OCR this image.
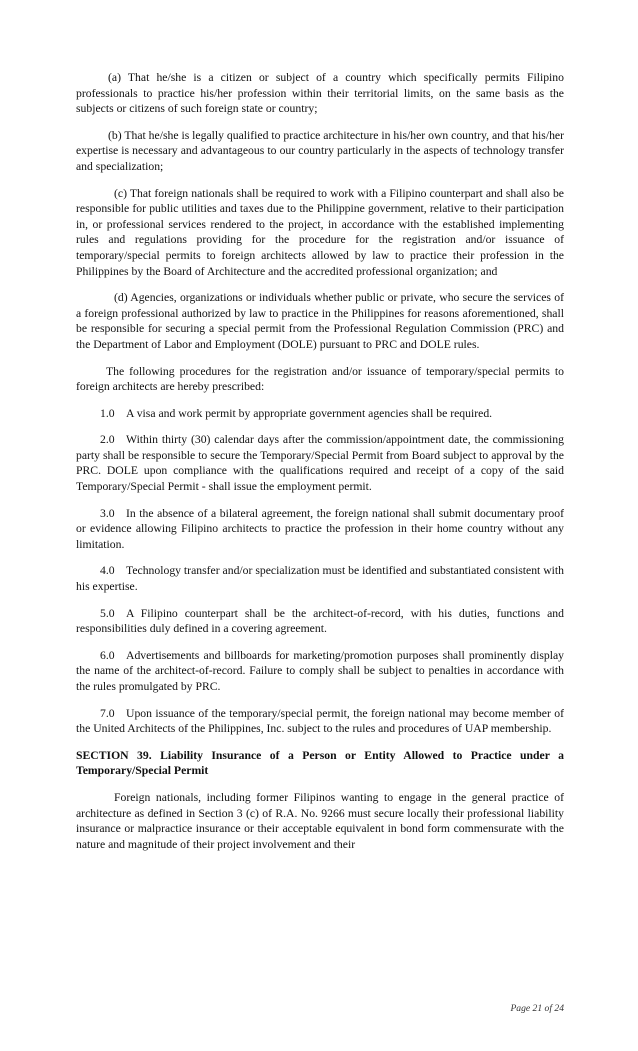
(a) That he/she is a citizen or subject of a country which specifically permits Filipino professionals to practice his/her profession within their territorial limits, on the same basis as the subjects or citizens of such foreign state or country;

(b) That he/she is legally qualified to practice architecture in his/her own country, and that his/her expertise is necessary and advantageous to our country particularly in the aspects of technology transfer and specialization;

(c) That foreign nationals shall be required to work with a Filipino counterpart and shall also be responsible for public utilities and taxes due to the Philippine government, relative to their participation in, or professional services rendered to the project, in accordance with the established implementing rules and regulations providing for the procedure for the registration and/or issuance of temporary/special permits to foreign architects allowed by law to practice their profession in the Philippines by the Board of Architecture and the accredited professional organization; and

(d) Agencies, organizations or individuals whether public or private, who secure the services of a foreign professional authorized by law to practice in the Philippines for reasons aforementioned, shall be responsible for securing a special permit from the Professional Regulation Commission (PRC) and the Department of Labor and Employment (DOLE) pursuant to PRC and DOLE rules.

The following procedures for the registration and/or issuance of temporary/special permits to foreign architects are hereby prescribed:

1.0 A visa and work permit by appropriate government agencies shall be required.

2.0 Within thirty (30) calendar days after the commission/appointment date, the commissioning party shall be responsible to secure the Temporary/Special Permit from Board subject to approval by the PRC. DOLE upon compliance with the qualifications required and receipt of a copy of the said Temporary/Special Permit - shall issue the employment permit.

3.0 In the absence of a bilateral agreement, the foreign national shall submit documentary proof or evidence allowing Filipino architects to practice the profession in their home country without any limitation.

4.0 Technology transfer and/or specialization must be identified and substantiated consistent with his expertise.

5.0 A Filipino counterpart shall be the architect-of-record, with his duties, functions and responsibilities duly defined in a covering agreement.

6.0 Advertisements and billboards for marketing/promotion purposes shall prominently display the name of the architect-of-record. Failure to comply shall be subject to penalties in accordance with the rules promulgated by PRC.

7.0 Upon issuance of the temporary/special permit, the foreign national may become member of the United Architects of the Philippines, Inc. subject to the rules and procedures of UAP membership.

SECTION 39. Liability Insurance of a Person or Entity Allowed to Practice under a Temporary/Special Permit

Foreign nationals, including former Filipinos wanting to engage in the general practice of architecture as defined in Section 3 (c) of R.A. No. 9266 must secure locally their professional liability insurance or malpractice insurance or their acceptable equivalent in bond form commensurate with the nature and magnitude of their project involvement and their

Page 21 of 24
